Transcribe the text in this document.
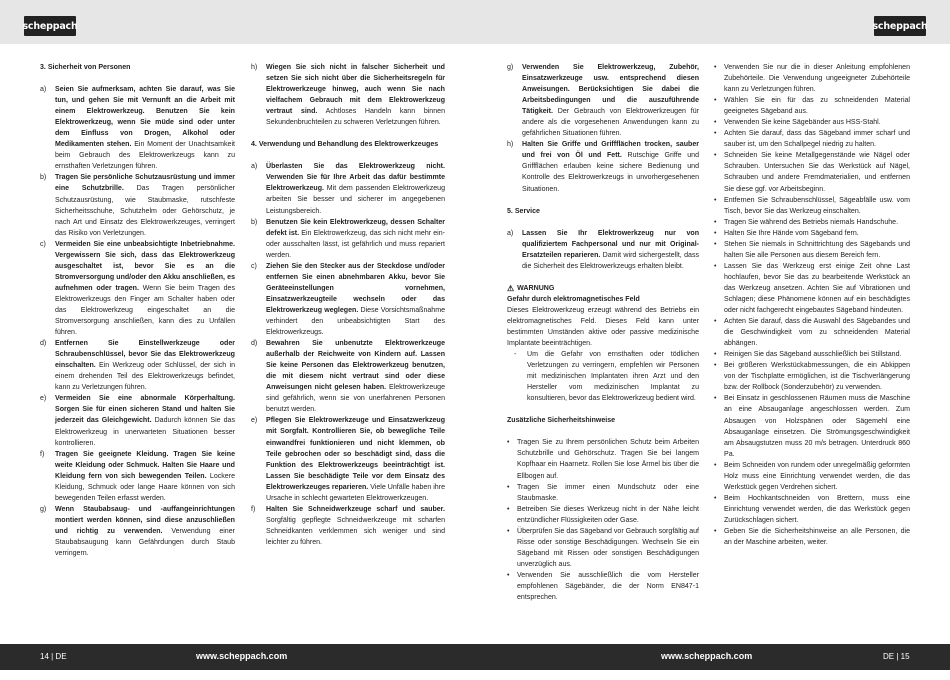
scheppach	scheppach
3. Sicherheit von Personen
a)	Seien Sie aufmerksam, achten Sie darauf, was Sie tun, und gehen Sie mit Vernunft an die Arbeit mit einem Elektrowerkzeug. Benutzen Sie kein Elektrowerkzeug, wenn Sie müde sind oder unter dem Einfluss von Drogen, Alkohol oder Medikamenten stehen. Ein Moment der Unachtsamkeit beim Gebrauch des Elektrowerkzeugs kann zu ernsthaften Verletzungen führen.
b)	Tragen Sie persönliche Schutzausrüstung und immer eine Schutzbrille. Das Tragen persönlicher Schutzausrüstung, wie Staubmaske, rutschfeste Sicherheitsschuhe, Schutzhelm oder Gehörschutz, je nach Art und Einsatz des Elektrowerkzeuges, verringert das Risiko von Verletzungen.
c)	Vermeiden Sie eine unbeabsichtigte Inbetriebnahme. Vergewissern Sie sich, dass das Elektrowerkzeug ausgeschaltet ist, bevor Sie es an die Stromversorgung und/oder den Akku anschließen, es aufnehmen oder tragen. Wenn Sie beim Tragen des Elektrowerkzeugs den Finger am Schalter haben oder das Elektrowerkzeug eingeschaltet an die Stromversorgung anschließen, kann dies zu Unfällen führen.
d)	Entfernen Sie Einstellwerkzeuge oder Schraubenschlüssel, bevor Sie das Elektrowerkzeug einschalten. Ein Werkzeug oder Schlüssel, der sich in einem drehenden Teil des Elektrowerkzeugs befindet, kann zu Verletzungen führen.
e)	Vermeiden Sie eine abnormale Körperhaltung. Sorgen Sie für einen sicheren Stand und halten Sie jederzeit das Gleichgewicht. Dadurch können Sie das Elektrowerkzeug in unerwarteten Situationen besser kontrollieren.
f)	Tragen Sie geeignete Kleidung. Tragen Sie keine weite Kleidung oder Schmuck. Halten Sie Haare und Kleidung fern von sich bewegenden Teilen. Lockere Kleidung, Schmuck oder lange Haare können von sich bewegenden Teilen erfasst werden.
g)	Wenn Staubabsaug- und -auffangeinrichtungen montiert werden können, sind diese anzuschließen und richtig zu verwenden. Verwendung einer Staubabsaugung kann Gefährdungen durch Staub verringern.
h)	Wiegen Sie sich nicht in falscher Sicherheit und setzen Sie sich nicht über die Sicherheitsregeln für Elektrowerkzeuge hinweg, auch wenn Sie nach vielfachem Gebrauch mit dem Elektrowerkzeug vertraut sind. Achtloses Handeln kann binnen Sekundenbruchteilen zu schweren Verletzungen führen.
4. Verwendung und Behandlung des Elektrowerkzeuges
a)	Überlasten Sie das Elektrowerkzeug nicht. Verwenden Sie für Ihre Arbeit das dafür bestimmte Elektrowerkzeug. Mit dem passenden Elektrowerkzeug arbeiten Sie besser und sicherer im angegebenen Leistungsbereich.
b)	Benutzen Sie kein Elektrowerkzeug, dessen Schalter defekt ist. Ein Elektrowerkzeug, das sich nicht mehr ein- oder ausschalten lässt, ist gefährlich und muss repariert werden.
c)	Ziehen Sie den Stecker aus der Steckdose und/oder entfernen Sie einen abnehmbaren Akku, bevor Sie Geräteeinstellungen vornehmen, Einsatzwerkzeugteile wechseln oder das Elektrowerkzeug weglegen. Diese Vorsichtsmaßnahme verhindert den unbeabsichtigten Start des Elektrowerkzeugs.
d)	Bewahren Sie unbenutzte Elektrowerkzeuge außerhalb der Reichweite von Kindern auf. Lassen Sie keine Personen das Elektrowerkzeug benutzen, die mit diesem nicht vertraut sind oder diese Anweisungen nicht gelesen haben. Elektrowerkzeuge sind gefährlich, wenn sie von unerfahrenen Personen benutzt werden.
e)	Pflegen Sie Elektrowerkzeuge und Einsatzwerkzeug mit Sorgfalt. Kontrollieren Sie, ob bewegliche Teile einwandfrei funktionieren und nicht klemmen, ob Teile gebrochen oder so beschädigt sind, dass die Funktion des Elektrowerkzeugs beeinträchtigt ist. Lassen Sie beschädigte Teile vor dem Einsatz des Elektrowerkzeuges reparieren. Viele Unfälle haben ihre Ursache in schlecht gewarteten Elektrowerkzeugen.
f)	Halten Sie Schneidwerkzeuge scharf und sauber. Sorgfältig gepflegte Schneidwerkzeuge mit scharfen Schneidkanten verklemmen sich weniger und sind leichter zu führen.
g)	Verwenden Sie Elektrowerkzeug, Zubehör, Einsatzwerkzeuge usw. entsprechend diesen Anweisungen. Berücksichtigen Sie dabei die Arbeitsbedingungen und die auszuführende Tätigkeit. Der Gebrauch von Elektrowerkzeugen für andere als die vorgesehenen Anwendungen kann zu gefährlichen Situationen führen.
h)	Halten Sie Griffe und Griffflächen trocken, sauber und frei von Öl und Fett. Rutschige Griffe und Griffflächen erlauben keine sichere Bedienung und Kontrolle des Elektrowerkzeugs in unvorhergesehenen Situationen.
5. Service
a)	Lassen Sie Ihr Elektrowerkzeug nur von qualifiziertem Fachpersonal und nur mit Original-Ersatzteilen reparieren. Damit wird sichergestellt, dass die Sicherheit des Elektrowerkzeugs erhalten bleibt.
⚠ WARNUNG
Gefahr durch elektromagnetisches Feld
Dieses Elektrowerkzeug erzeugt während des Betriebs ein elektromagnetisches Feld. Dieses Feld kann unter bestimmten Umständen aktive oder passive medizinische Implantate beeinträchtigen.
-	Um die Gefahr von ernsthaften oder tödlichen Verletzungen zu verringern, empfehlen wir Personen mit medizinischen Implantaten ihren Arzt und den Hersteller vom medizinischen Implantat zu konsultieren, bevor das Elektrowerkzeug bedient wird.
Zusätzliche Sicherheitshinweise
•	Tragen Sie zu Ihrem persönlichen Schutz beim Arbeiten Schutzbrille und Gehörschutz. Tragen Sie bei langem Kopfhaar ein Haarnetz. Rollen Sie lose Ärmel bis über die Ellbogen auf.
•	Tragen Sie immer einen Mundschutz oder eine Staubmaske.
•	Betreiben Sie dieses Werkzeug nicht in der Nähe leicht entzündlicher Flüssigkeiten oder Gase.
•	Überprüfen Sie das Sägeband vor Gebrauch sorgfältig auf Risse oder sonstige Beschädigungen. Wechseln Sie ein Sägeband mit Rissen oder sonstigen Beschädigungen unverzüglich aus.
•	Verwenden Sie ausschließlich die vom Hersteller empfohlenen Sägebänder, die der Norm EN847-1 entsprechen.
•	Verwenden Sie nur die in dieser Anleitung empfohlenen Zubehörteile. Die Verwendung ungeeigneter Zubehörteile kann zu Verletzungen führen.
•	Wählen Sie ein für das zu schneidenden Material geeignetes Sägeband aus.
•	Verwenden Sie keine Sägebänder aus HSS-Stahl.
•	Achten Sie darauf, dass das Sägeband immer scharf und sauber ist, um den Schallpegel niedrig zu halten.
•	Schneiden Sie keine Metallgegenstände wie Nägel oder Schrauben. Untersuchen Sie das Werkstück auf Nägel, Schrauben und andere Fremdmaterialien, und entfernen Sie diese ggf. vor Arbeitsbeginn.
•	Entfernen Sie Schraubenschlüssel, Sägeabfälle usw. vom Tisch, bevor Sie das Werkzeug einschalten.
•	Tragen Sie während des Betriebs niemals Handschuhe.
•	Halten Sie Ihre Hände vom Sägeband fern.
•	Stehen Sie niemals in Schnittrichtung des Sägebands und halten Sie alle Personen aus diesem Bereich fern.
•	Lassen Sie das Werkzeug erst einige Zeit ohne Last hochlaufen, bevor Sie das zu bearbeitende Werkstück an das Werkzeug ansetzen. Achten Sie auf Vibrationen und Schlagen; diese Phänomene können auf ein beschädigtes oder nicht fachgerecht eingebautes Sägeband hindeuten.
•	Achten Sie darauf, dass die Auswahl des Sägebandes und die Geschwindigkeit vom zu schneidenden Material abhängen.
•	Reinigen Sie das Sägeband ausschließlich bei Stillstand.
•	Bei größeren Werkstückabmessungen, die ein Abkippen von der Tischplatte ermöglichen, ist die Tischverlängerung bzw. der Rollbock (Sonderzubehör) zu verwenden.
•	Bei Einsatz in geschlossenen Räumen muss die Maschine an eine Absauganlage angeschlossen werden. Zum Absaugen von Holzspänen oder Sägemehl eine Absauganlage einsetzen. Die Strömungsgeschwindigkeit am Absaugstutzen muss 20 m/s betragen. Unterdruck 860 Pa.
•	Beim Schneiden von rundem oder unregelmäßig geformten Holz muss eine Einrichtung verwendet werden, die das Werkstück gegen Verdrehen sichert.
•	Beim Hochkantschneiden von Brettern, muss eine Einrichtung verwendet werden, die das Werkstück gegen Zurückschlagen sichert.
•	Geben Sie die Sicherheitshinweise an alle Personen, die an der Maschine arbeiten, weiter.
14 | DE	www.scheppach.com	www.scheppach.com	DE | 15
